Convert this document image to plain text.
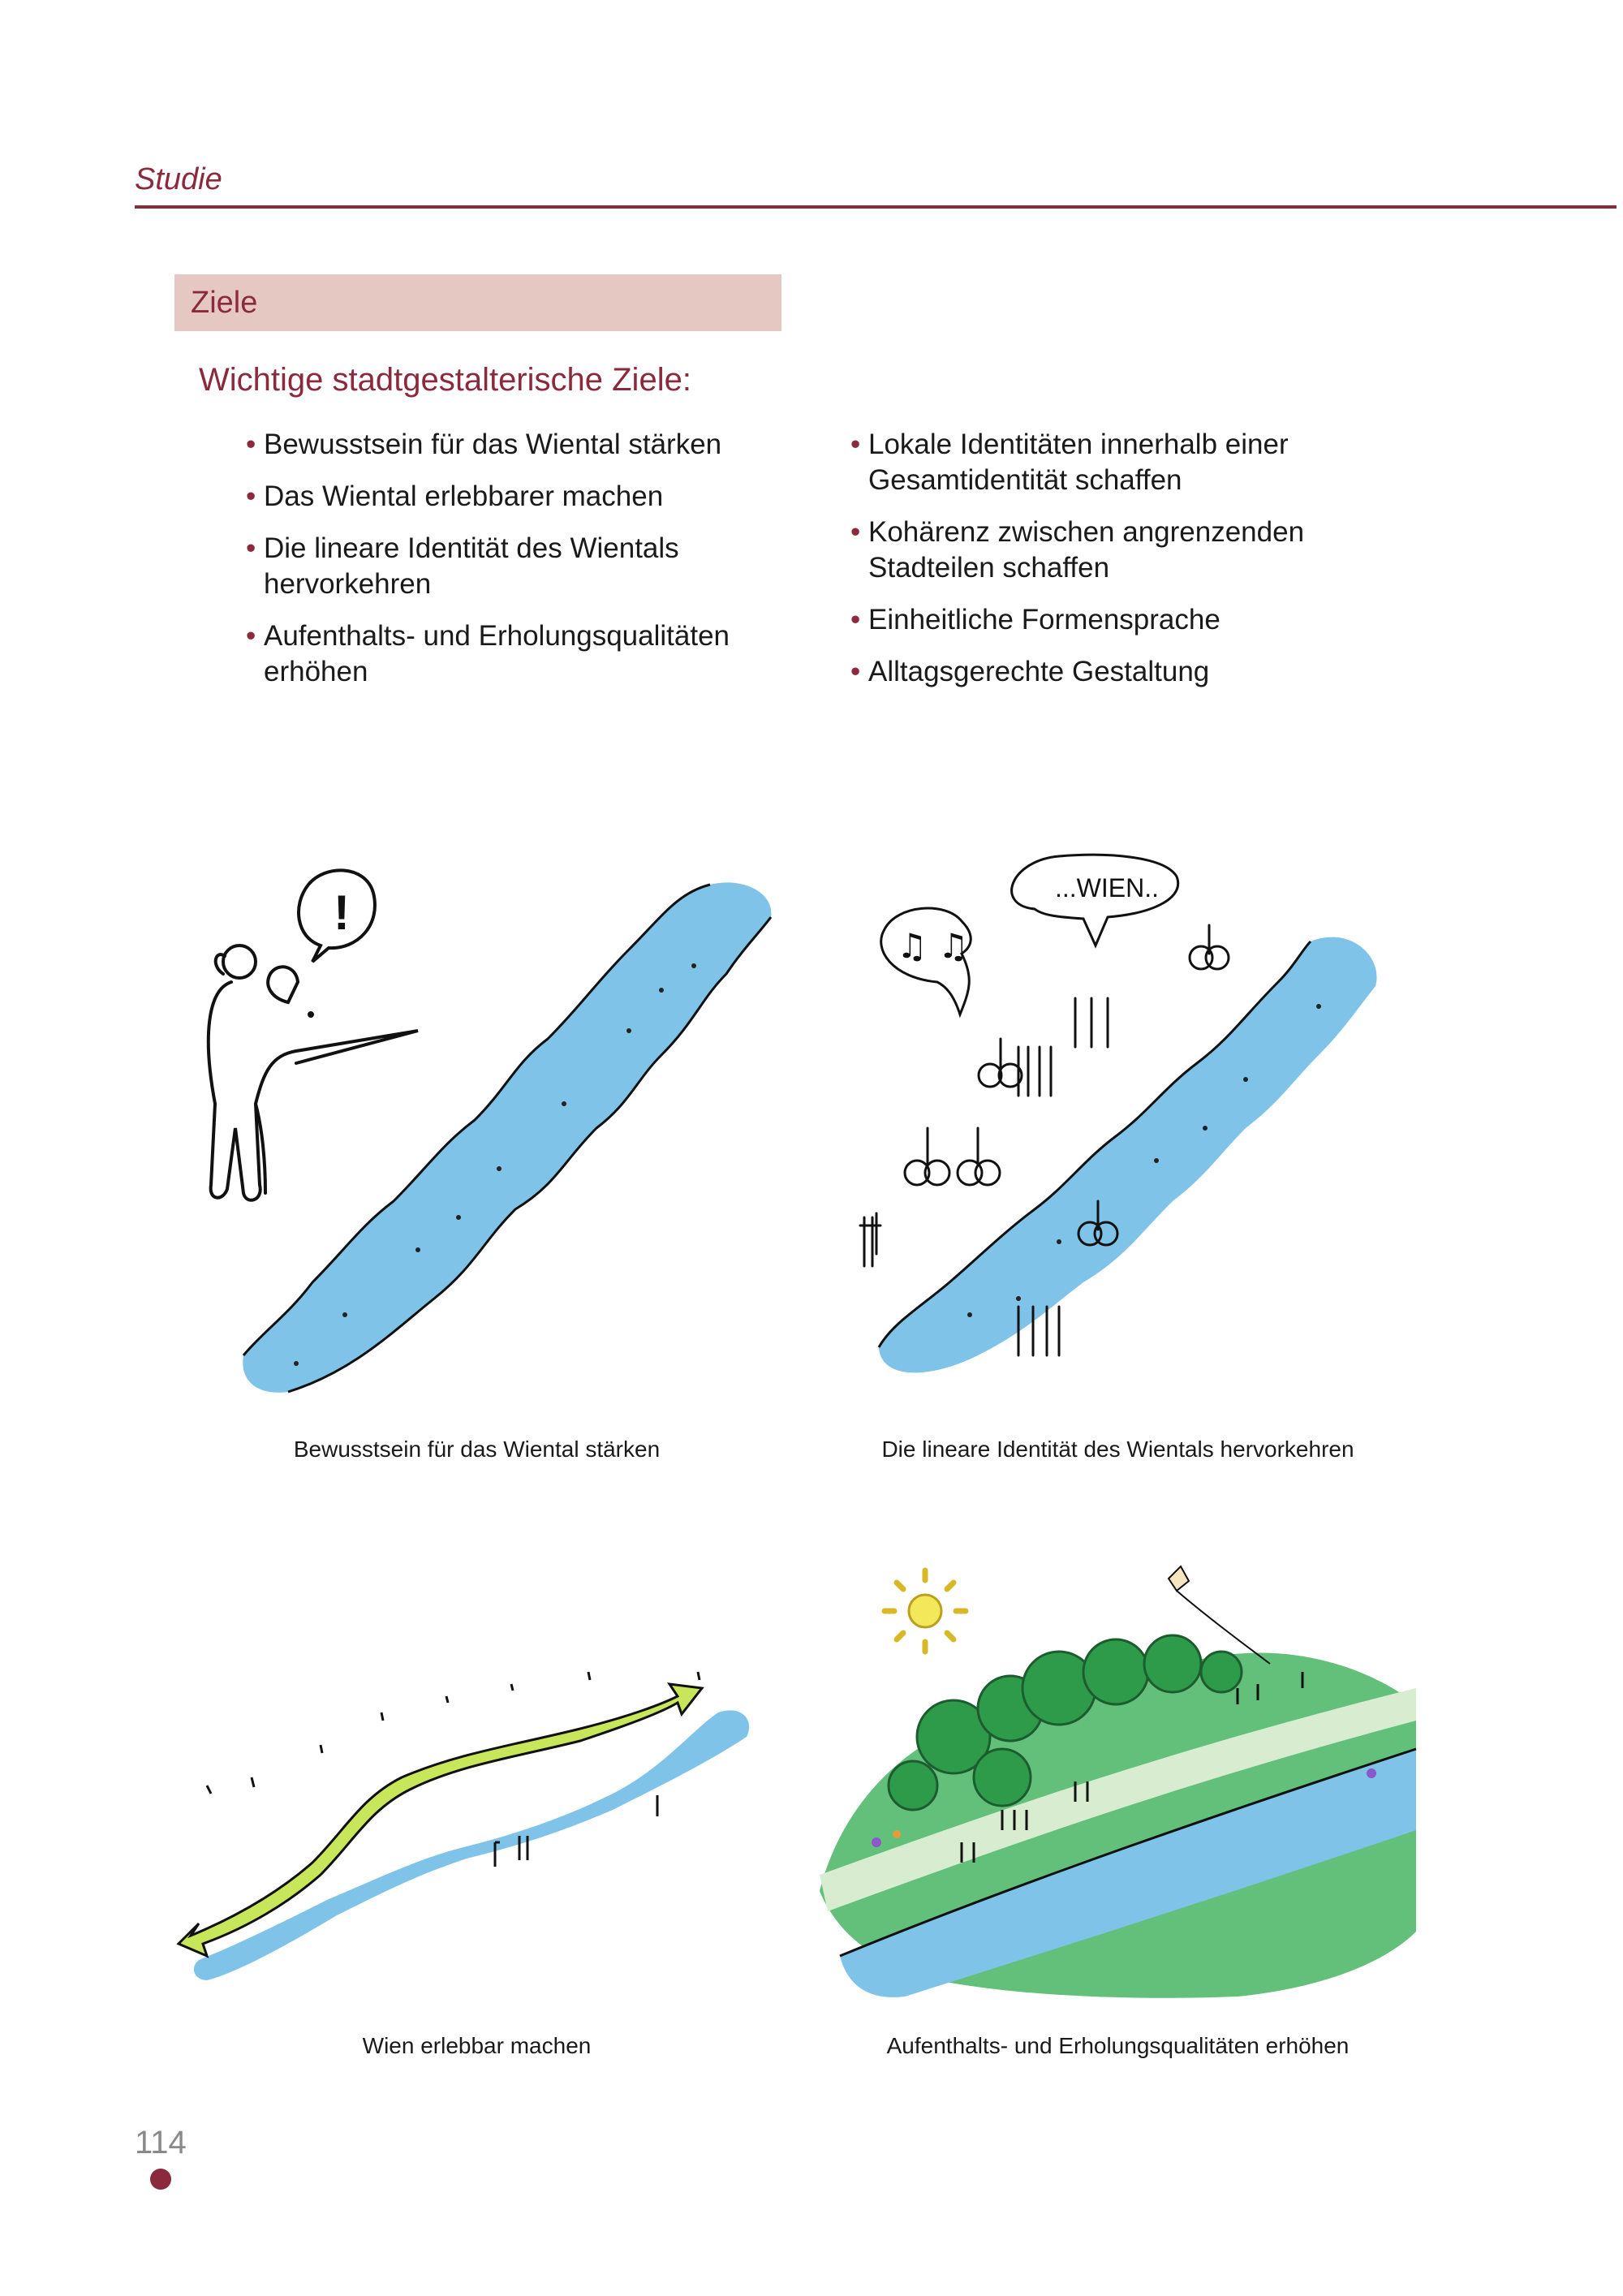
Studie
Ziele
Wichtige stadtgestalterische Ziele:
• Bewusstsein für das Wiental stärken
• Das Wiental erlebbarer machen
• Die lineare Identität des Wientals
hervorkehren
• Aufenthalts- und Erholungsqualitäten
erhöhen
• Lokale Identitäten innerhalb einer
Gesamtidentität schaffen
• Kohärenz zwischen angrenzenden
Stadteilen schaffen
• Einheitliche Formensprache
• Alltagsgerechte Gestaltung
!
Bewusstsein für das Wiental stärken
♫ ♫
...WIEN..
Die lineare Identität des Wientals hervorkehren
Wien erlebbar machen	Aufenthalts- und Erholungsqualitäten erhöhen
114
